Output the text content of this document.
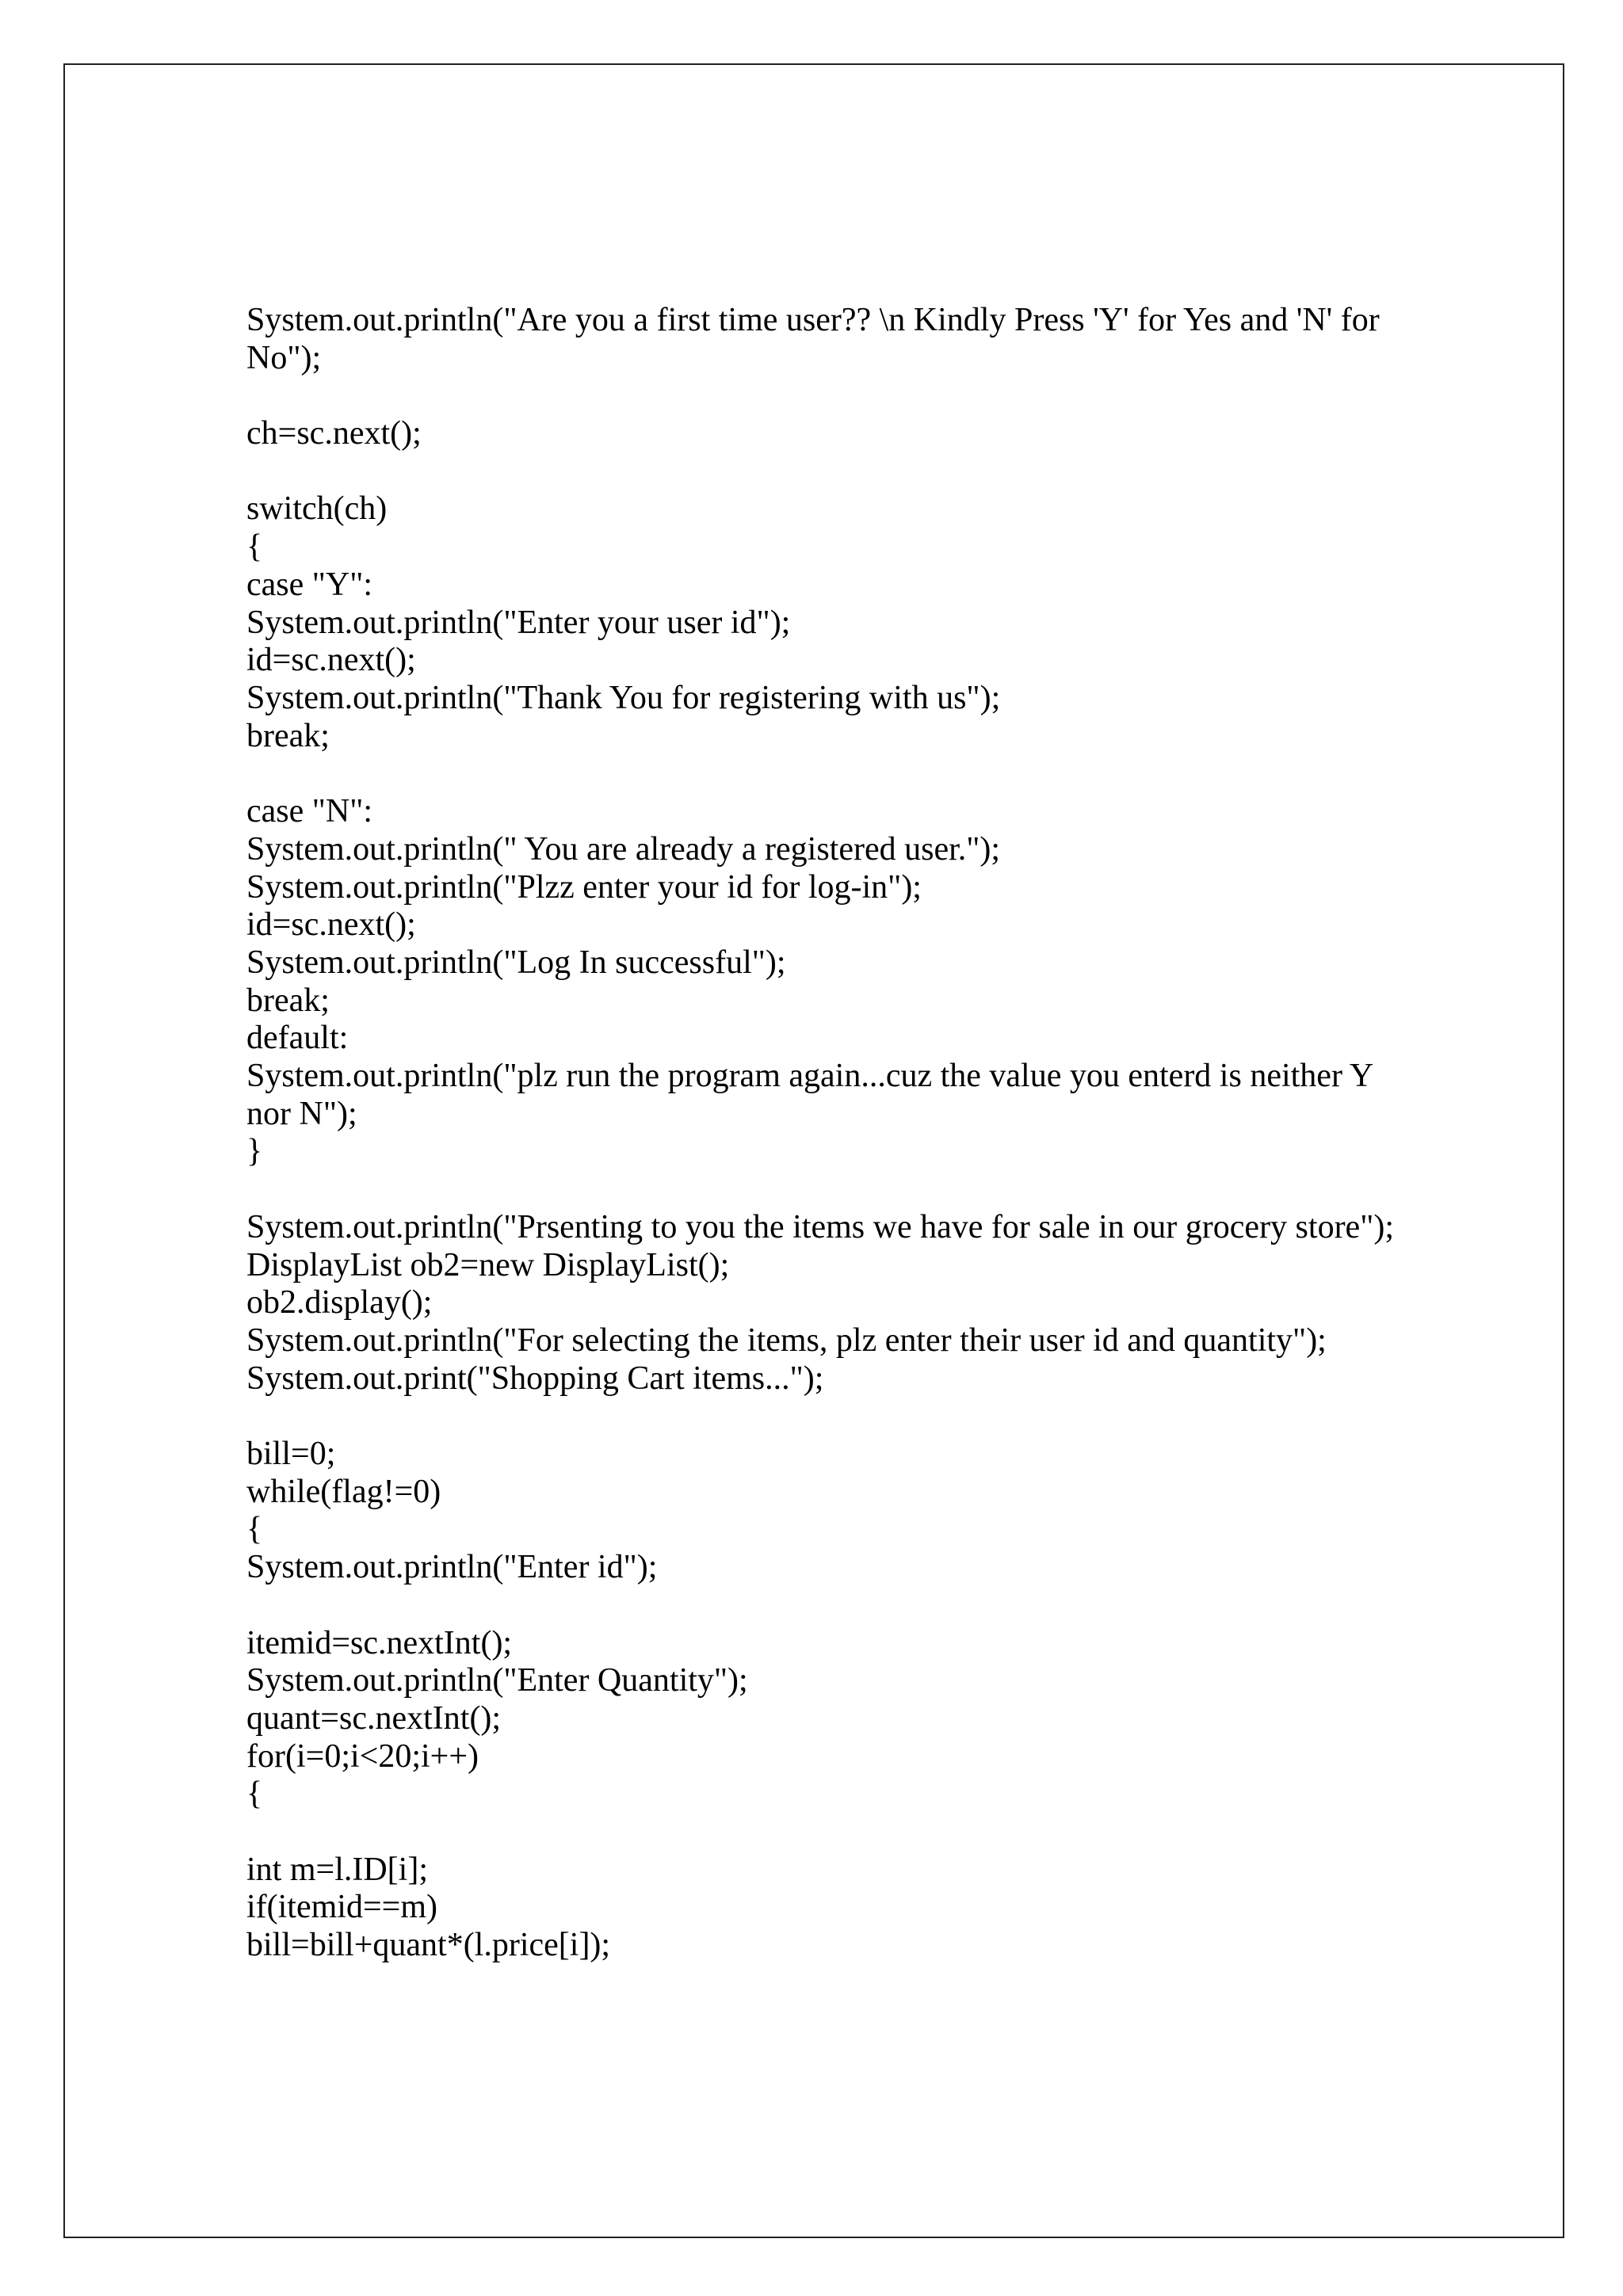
System.out.println("Are you a first time user?? \n Kindly Press 'Y' for Yes and 'N' for
No");
ch=sc.next();
switch(ch)
{
case "Y":
System.out.println("Enter your user id");
id=sc.next();
System.out.println("Thank You for registering with us");
break;
case "N":
System.out.println(" You are already a registered user.");
System.out.println("Plzz enter your id for log-in");
id=sc.next();
System.out.println("Log In successful");
break;
default:
System.out.println("plz run the program again...cuz the value you enterd is neither Y
nor N");
}
System.out.println("Prsenting to you the items we have for sale in our grocery store");
DisplayList ob2=new DisplayList();
ob2.display();
System.out.println("For selecting the items, plz enter their user id and quantity");
System.out.print("Shopping Cart items...");
bill=0;
while(flag!=0)
{
System.out.println("Enter id");
itemid=sc.nextInt();
System.out.println("Enter Quantity");
quant=sc.nextInt();
for(i=0;i<20;i++)
{
int m=l.ID[i];
if(itemid==m)
bill=bill+quant*(l.price[i]);
